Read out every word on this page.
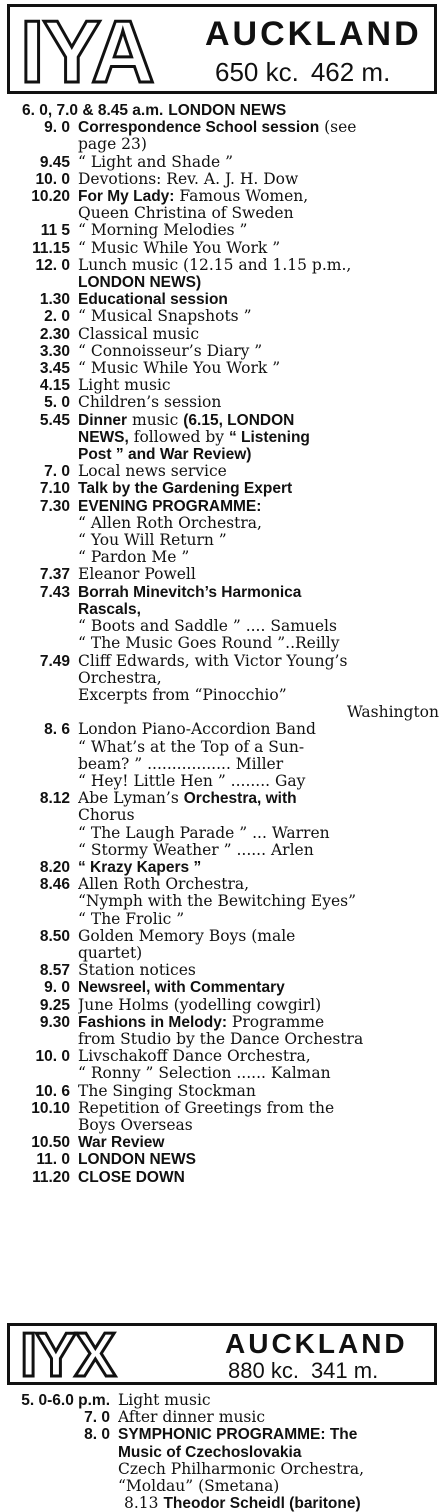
IYA AUCKLAND
650 kc. 462 m.
6. 0, 7.0 & 8.45 a.m. LONDON NEWS
9. 0 Correspondence School session (see
page 23)
9.45 “ Light and Shade ”
10. 0 Devotions: Rev. A. J. H. Dow
10.20 For My Lady: Famous Women,
Queen Christina of Sweden
11 5 “ Morning Melodies ”
11.15 “ Music While You Work ”
12. 0 Lunch music (12.15 and 1.15 p.m.,
LONDON NEWS)
1.30 Educational session
2. 0 “ Musical Snapshots ”
2.30 Classical music
3.30 “ Connoisseur’s Diary ”
3.45 “ Music While You Work ”
4.15 Light music
5. 0 Children’s session
5.45 Dinner music (6.15, LONDON
NEWS, followed by “ Listening
Post ” and War Review)
7. 0 Local news service
7.10 Talk by the Gardening Expert
7.30 EVENING PROGRAMME:
“ Allen Roth Orchestra,
“ You Will Return ”
“ Pardon Me ”
7.37 Eleanor Powell
7.43 Borrah Minevitch’s Harmonica
Rascals,
“ Boots and Saddle ” .... Samuels
“ The Music Goes Round ”..Reilly
7.49 Cliff Edwards, with Victor Young’s
Orchestra,
Excerpts from “Pinocchio”
Washington
8. 6 London Piano-Accordion Band
“ What’s at the Top of a Sun-
beam? ” ................. Miller
“ Hey! Little Hen ” ........ Gay
8.12 Abe Lyman’s Orchestra, with
Chorus
“ The Laugh Parade ” ... Warren
“ Stormy Weather ” ...... Arlen
8.20 “ Krazy Kapers ”
8.46 Allen Roth Orchestra,
“Nymph with the Bewitching Eyes”
“ The Frolic ”
8.50 Golden Memory Boys (male
quartet)
8.57 Station notices
9. 0 Newsreel, with Commentary
9.25 June Holms (yodelling cowgirl)
9.30 Fashions in Melody: Programme
from Studio by the Dance Orchestra
10. 0 Livschakoff Dance Orchestra,
“ Ronny ” Selection ...... Kalman
10. 6 The Singing Stockman
10.10 Repetition of Greetings from the
Boys Overseas
10.50 War Review
11. 0 LONDON NEWS
11.20 CLOSE DOWN
IYX	AUCKLAND
880 kc. 341 m.
5. 0-6.0 p.m. Light music
7. 0 After dinner music
8. 0 SYMPHONIC PROGRAMME: The
Music of Czechoslovakia
Czech Philharmonic Orchestra,
“Moldau” (Smetana)
8.13 Theodor Scheidl (baritone)
